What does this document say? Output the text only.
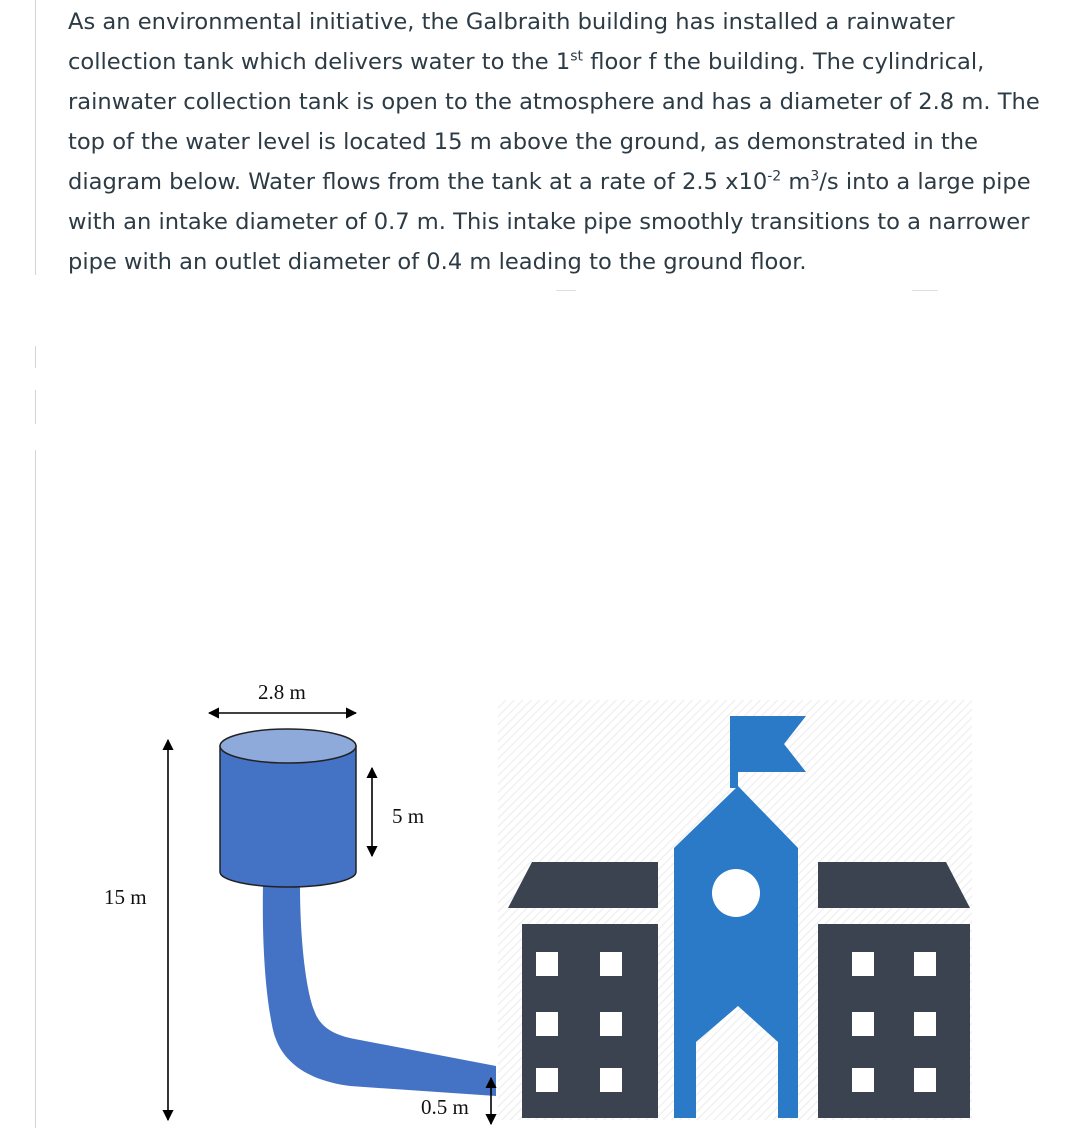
As an environmental initiative, the Galbraith building has installed a rainwater collection tank which delivers water to the 1st floor f the building. The cylindrical, rainwater collection tank is open to the atmosphere and has a diameter of 2.8 m. The top of the water level is located 15 m above the ground, as demonstrated in the diagram below. Water flows from the tank at a rate of 2.5 $x10^{-2}$ $m^3/s$ into a large pipe with an intake diameter of 0.7 m. This intake pipe smoothly transitions to a narrower pipe with an outlet diameter of 0.4 m leading to the ground floor.

2.8 m
5 m
15 m
0.5 m
